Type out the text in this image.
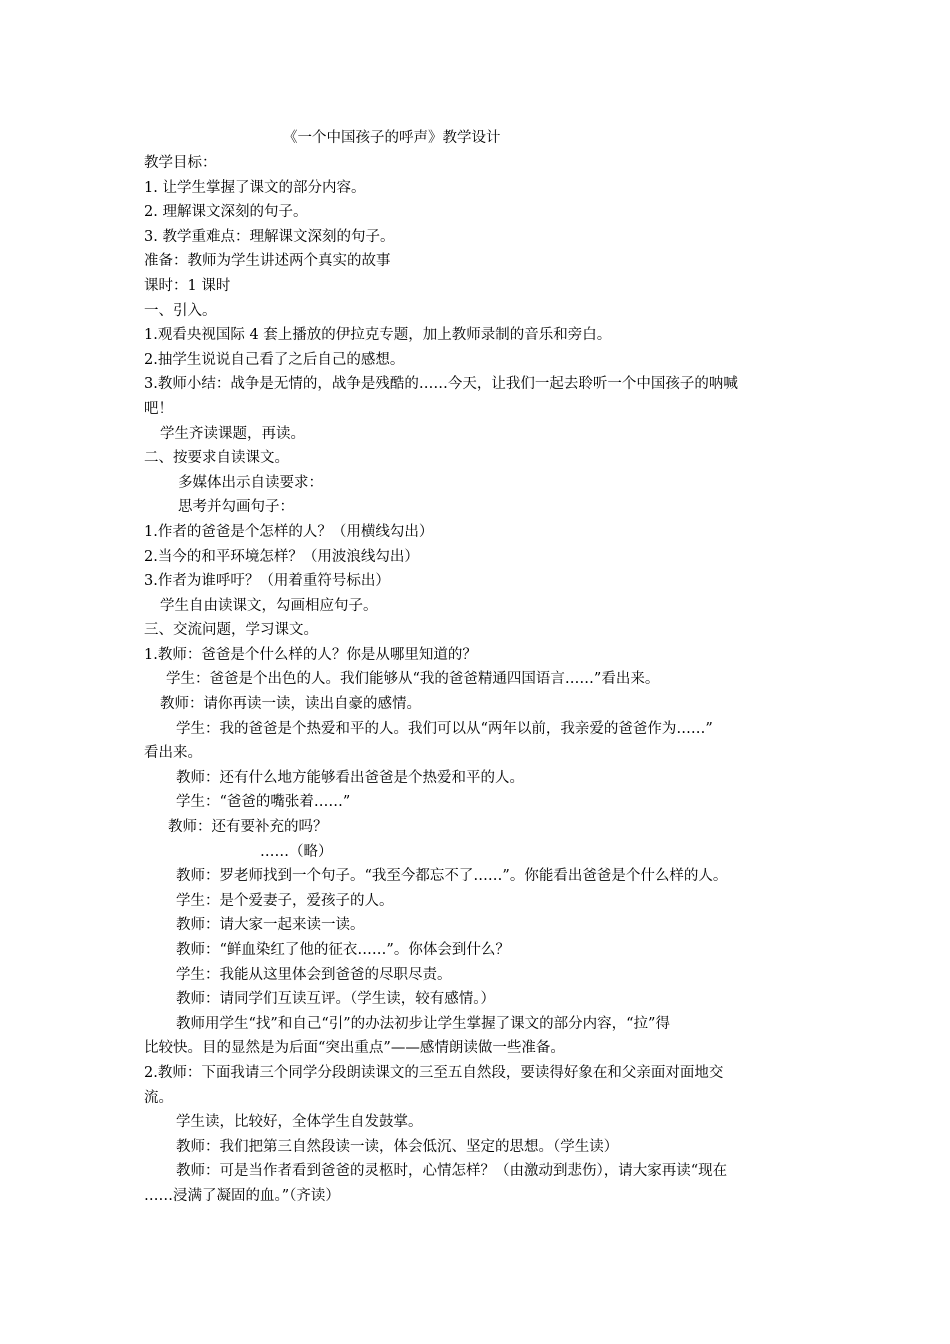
《一个中国孩子的呼声》教学设计

教学目标：

1. 让学生掌握了课文的部分内容。

2. 理解课文深刻的句子。

3. 教学重难点：理解课文深刻的句子。

准备：教师为学生讲述两个真实的故事

课时：1 课时

一、引入。

1.观看央视国际 4 套上播放的伊拉克专题，加上教师录制的音乐和旁白。

2.抽学生说说自己看了之后自己的感想。

3.教师小结：战争是无情的，战争是残酷的……今天，让我们一起去聆听一个中国孩子的呐喊

吧！

学生齐读课题，再读。

二、按要求自读课文。

多媒体出示自读要求：

思考并勾画句子：

1.作者的爸爸是个怎样的人？（用横线勾出）

2.当今的和平环境怎样？（用波浪线勾出）

3.作者为谁呼吁？（用着重符号标出）

学生自由读课文，勾画相应句子。

三、交流问题，学习课文。

1.教师：爸爸是个什么样的人？你是从哪里知道的？

学生：爸爸是个出色的人。我们能够从“我的爸爸精通四国语言……”看出来。

教师：请你再读一读，读出自豪的感情。

学生：我的爸爸是个热爱和平的人。我们可以从“两年以前，我亲爱的爸爸作为……”

看出来。

教师：还有什么地方能够看出爸爸是个热爱和平的人。

学生：“爸爸的嘴张着……”

教师：还有要补充的吗？

……（略）

教师：罗老师找到一个句子。“我至今都忘不了……”。你能看出爸爸是个什么样的人。

学生：是个爱妻子，爱孩子的人。

教师：请大家一起来读一读。

教师：“鲜血染红了他的征衣……”。你体会到什么？

学生：我能从这里体会到爸爸的尽职尽责。

教师：请同学们互读互评。（学生读，较有感情。）

教师用学生“找”和自己“引”的办法初步让学生掌握了课文的部分内容，“拉”得

比较快。目的显然是为后面“突出重点”——感情朗读做一些准备。

2.教师：下面我请三个同学分段朗读课文的三至五自然段，要读得好象在和父亲面对面地交

流。

学生读，比较好，全体学生自发鼓掌。

教师：我们把第三自然段读一读，体会低沉、坚定的思想。（学生读）

教师：可是当作者看到爸爸的灵柩时，心情怎样？（由激动到悲伤），请大家再读“现在

……浸满了凝固的血。”（齐读）
